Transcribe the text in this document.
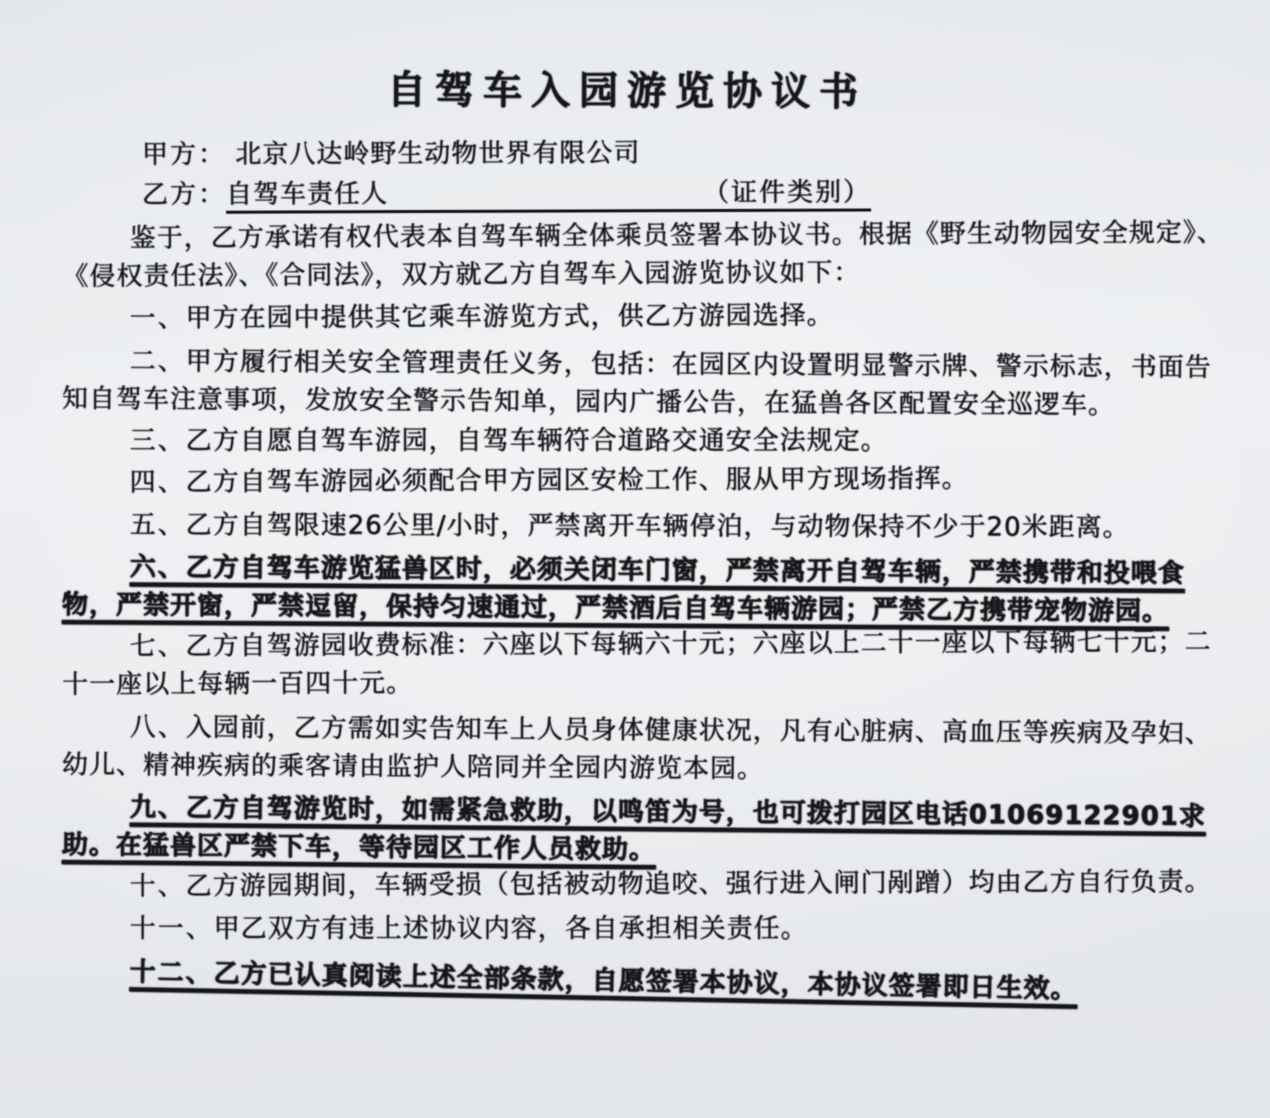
自驾车入园游览协议书
甲方： 北京八达岭野生动物世界有限公司
乙方：自驾车责任人	（证件类别）
鉴于，乙方承诺有权代表本自驾车辆全体乘员签署本协议书。根据《野生动物园安全规定》、《侵权责任法》、《合同法》，双方就乙方自驾车入园游览协议如下：

一、甲方在园中提供其它乘车游览方式，供乙方游园选择。

二、甲方履行相关安全管理责任义务，包括：在园区内设置明显警示牌、警示标志，书面告知自驾车注意事项，发放安全警示告知单，园内广播公告，在猛兽各区配置安全巡逻车。

三、乙方自愿自驾车游园，自驾车辆符合道路交通安全法规定。

四、乙方自驾车游园必须配合甲方园区安检工作、服从甲方现场指挥。

五、乙方自驾限速26公里/小时，严禁离开车辆停泊，与动物保持不少于20米距离。

六、乙方自驾车游览猛兽区时，必须关闭车门窗，严禁离开自驾车辆，严禁携带和投喂食物，严禁开窗，严禁逗留，保持匀速通过，严禁酒后自驾车辆游园；严禁乙方携带宠物游园。

七、乙方自驾游园收费标准：六座以下每辆六十元；六座以上二十一座以下每辆七十元；二十一座以上每辆一百四十元。

八、入园前，乙方需如实告知车上人员身体健康状况，凡有心脏病、高血压等疾病及孕妇、幼儿、精神疾病的乘客请由监护人陪同并全园内游览本园。

九、乙方自驾游览时，如需紧急救助，以鸣笛为号，也可拨打园区电话01069122901求助。在猛兽区严禁下车，等待园区工作人员救助。

十、乙方游园期间，车辆受损（包括被动物追咬、强行进入闸门剐蹭）均由乙方自行负责。

十一、甲乙双方有违上述协议内容，各自承担相关责任。

十二、乙方已认真阅读上述全部条款，自愿签署本协议，本协议签署即日生效。
